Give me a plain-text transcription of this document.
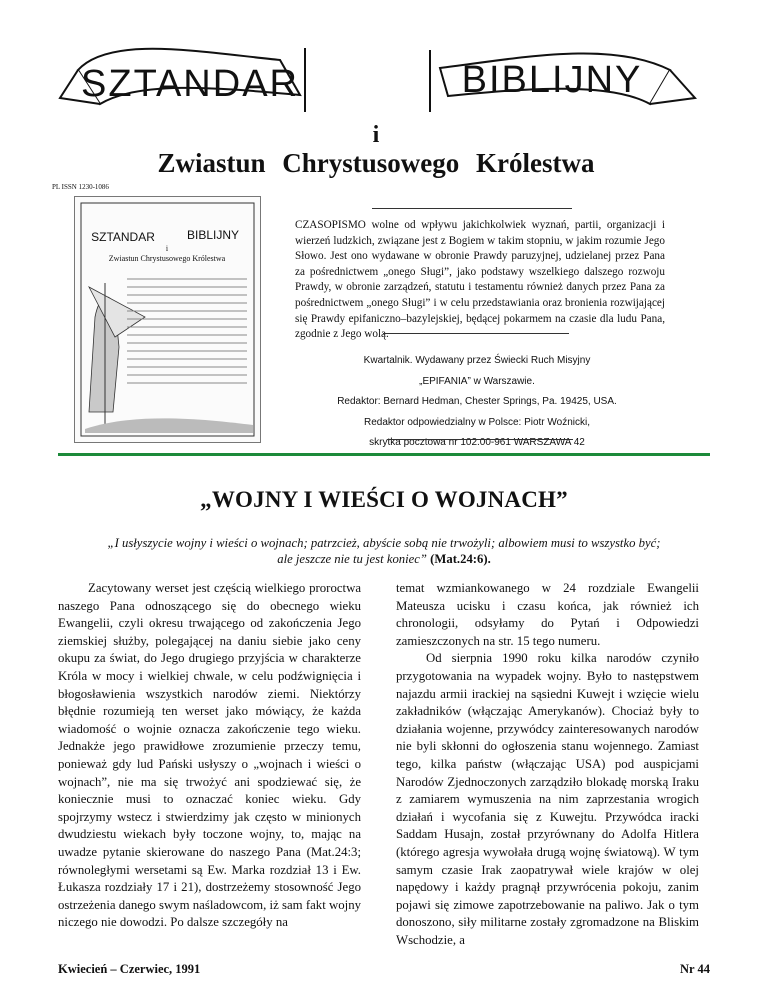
SZTANDAR	BIBLIJNY
i
Zwiastun Chrystusowego Królestwa
PL ISSN 1230-1086
SZTANDAR	BIBLIJNY
i
Zwiastun Chrystusowego Królestwa
CZASOPISMO wolne od wpływu jakichkolwiek wyznań, partii, organizacji i wierzeń ludzkich, związane jest z Bogiem w takim stopniu, w jakim rozumie Jego Słowo. Jest ono wydawane w obronie Prawdy paruzyjnej, udzielanej przez Pana za pośrednictwem „onego Sługi”, jako podstawy wszelkiego dalszego rozwoju Prawdy, w obronie zarządzeń, statutu i testamentu również danych przez Pana za pośrednictwem „onego Sługi” i w celu przedstawiania oraz bronienia rozwijającej się Prawdy epifaniczno–bazylejskiej, będącej pokarmem na czasie dla ludu Pana, zgodnie z Jego wolą.
Kwartalnik. Wydawany przez Świecki Ruch Misyjny
„EPIFANIA” w Warszawie.
Redaktor: Bernard Hedman, Chester Springs, Pa. 19425, USA.
Redaktor odpowiedzialny w Polsce: Piotr Woźnicki,
skrytka pocztowa nr 102.00-961 WARSZAWA 42
„WOJNY I WIEŚCI O WOJNACH”
„I usłyszycie wojny i wieści o wojnach; patrzcież, abyście sobą nie trwożyli; albowiem musi to wszystko być; ale jeszcze nie tu jest koniec” (Mat.24:6).

Zacytowany werset jest częścią wielkiego proroctwa naszego Pana odnoszącego się do obecnego wieku Ewangelii, czyli okresu trwającego od zakończenia Jego ziemskiej służby, polegającej na daniu siebie jako ceny okupu za świat, do Jego drugiego przyjścia w charakterze Króla w mocy i wielkiej chwale, w celu podźwignięcia i błogosławienia wszystkich narodów ziemi. Niektórzy błędnie rozumieją ten werset jako mówiący, że każda wiadomość o wojnie oznacza zakończenie tego wieku. Jednakże jego prawidłowe zrozumienie przeczy temu, ponieważ gdy lud Pański usłyszy o „wojnach i wieści o wojnach”, nie ma się trwożyć ani spodziewać się, że koniecznie musi to oznaczać koniec wieku. Gdy spojrzymy wstecz i stwierdzimy jak często w minionych dwudziestu wiekach były toczone wojny, to, mając na uwadze pytanie skierowane do naszego Pana (Mat.24:3; równoległymi wersetami są Ew. Marka rozdział 13 i Ew. Łukasza rozdziały 17 i 21), dostrzeżemy stosowność Jego ostrzeżenia danego swym naśladowcom, iż sam fakt wojny niczego nie dowodzi. Po dalsze szczegóły na

temat wzmiankowanego w 24 rozdziale Ewangelii Mateusza ucisku i czasu końca, jak również ich chronologii, odsyłamy do Pytań i Odpowiedzi zamieszczonych na str. 15 tego numeru.

Od sierpnia 1990 roku kilka narodów czyniło przygotowania na wypadek wojny. Było to następstwem najazdu armii irackiej na sąsiedni Kuwejt i wzięcie wielu zakładników (włączając Amerykanów). Chociaż były to działania wojenne, przywódcy zainteresowanych narodów nie byli skłonni do ogłoszenia stanu wojennego. Zamiast tego, kilka państw (włączając USA) pod auspicjami Narodów Zjednoczonych zarządziło blokadę morską Iraku z zamiarem wymuszenia na nim zaprzestania wrogich działań i wycofania się z Kuwejtu. Przywódca iracki Saddam Husajn, został przyrównany do Adolfa Hitlera (którego agresja wywołała drugą wojnę światową). W tym samym czasie Irak zaopatrywał wiele krajów w olej napędowy i każdy pragnął przywrócenia pokoju, zanim pojawi się zimowe zapotrzebowanie na paliwo. Jak o tym donoszono, siły militarne zostały zgromadzone na Bliskim Wschodzie, a

Kwiecień – Czerwiec, 1991	Nr 44
